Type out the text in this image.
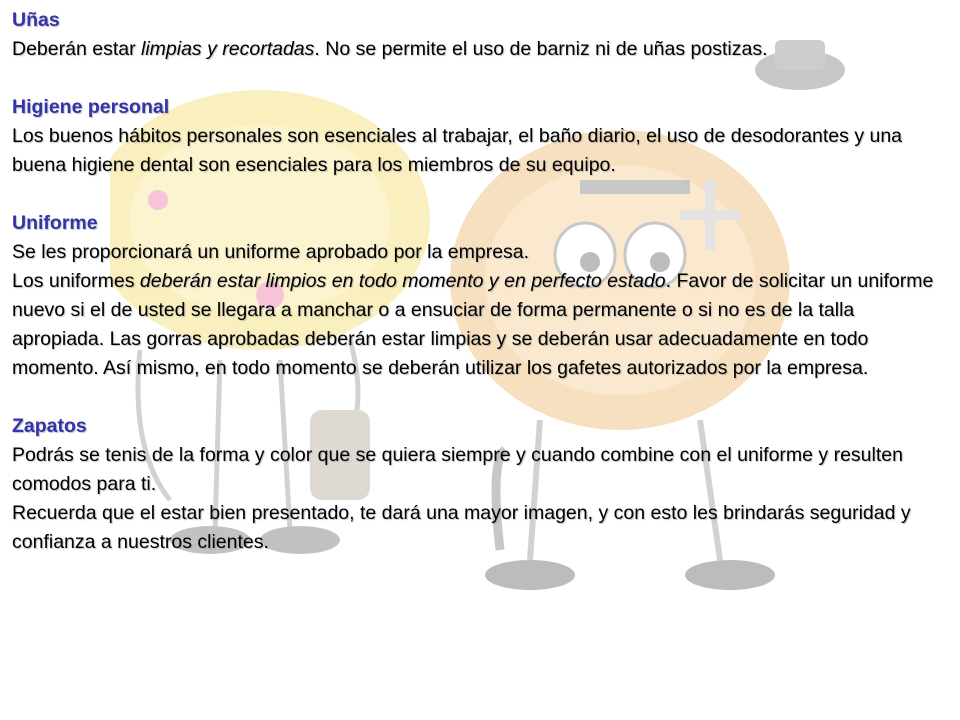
Uñas

Deberán estar limpias y recortadas. No se permite el uso de barniz ni de uñas postizas.

Higiene personal

Los buenos hábitos personales son esenciales al trabajar, el baño diario, el uso de desodorantes y una buena higiene dental son esenciales para los miembros de su equipo.

Uniforme

Se les proporcionará un uniforme aprobado por la empresa.

Los uniformes deberán estar limpios en todo momento y en perfecto estado. Favor de solicitar un uniforme nuevo si el de usted se llegara a manchar o a ensuciar de forma permanente o si no es de la talla apropiada. Las gorras aprobadas deberán estar limpias y se deberán usar adecuadamente en todo momento. Así mismo, en todo momento se deberán utilizar los gafetes autorizados por la empresa.

Zapatos

Podrás se tenis de la forma y color que se quiera siempre y cuando combine con el uniforme y resulten comodos para ti.

Recuerda que el estar bien presentado, te dará una mayor imagen, y con esto les brindarás seguridad y confianza a nuestros clientes.
